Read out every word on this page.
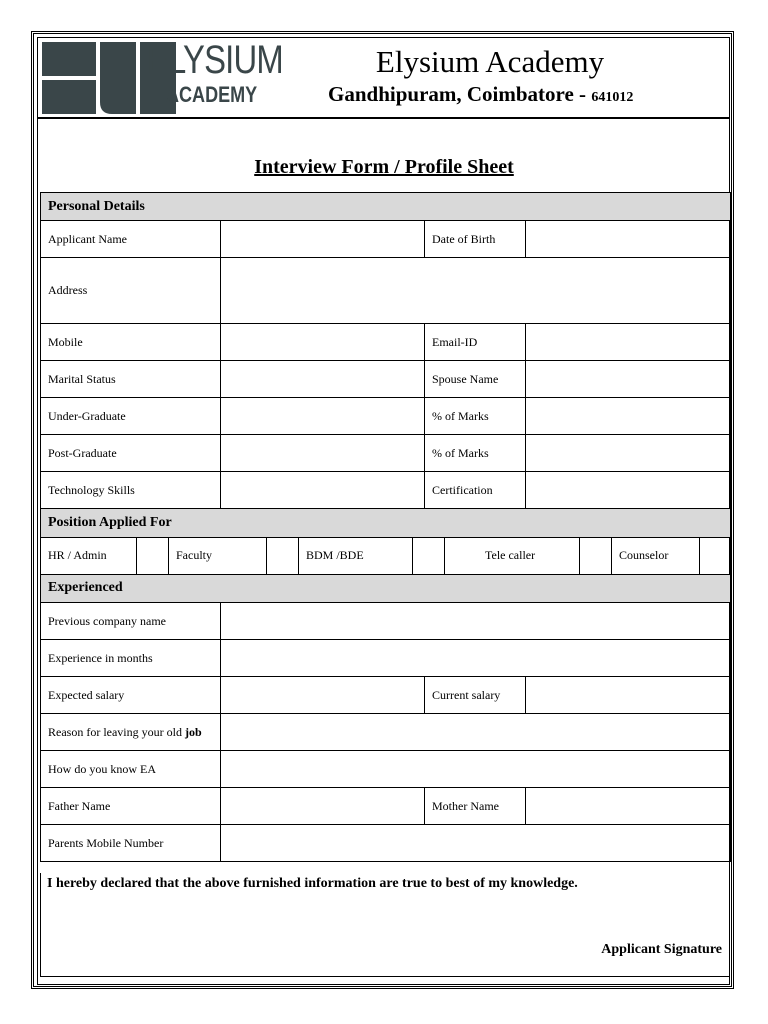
ELYSIUM
ACADEMY
Elysium Academy
Gandhipuram, Coimbatore - 641012
Interview Form / Profile Sheet
Personal Details			
Applicant Name		Date of Birth	
Address			
Mobile		Email-ID	
Marital Status		Spouse Name	
Under-Graduate		% of Marks	
Post-Graduate		% of Marks	
Technology Skills		Certification	
Position Applied For
HR / Admin		Faculty		BDM /BDE		Tele caller		Counselor	
Experienced			
Previous company name			
Experience in months			
Expected salary		Current salary	
Reason for leaving your old job			
How do you know EA			
Father Name		Mother Name	
Parents Mobile Number			
I hereby declared that the above furnished information are true to best of my knowledge.
Applicant Signature
